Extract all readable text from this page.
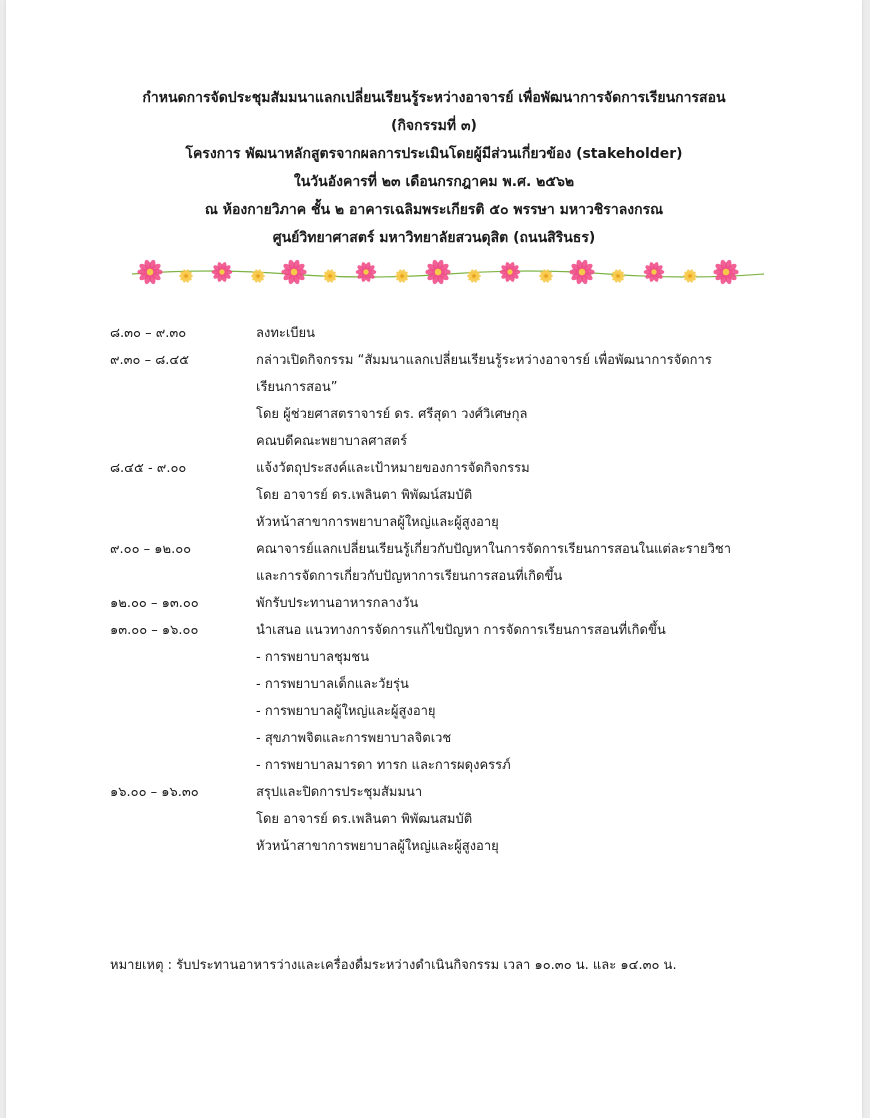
กำหนดการจัดประชุมสัมมนาแลกเปลี่ยนเรียนรู้ระหว่างอาจารย์ เพื่อพัฒนาการจัดการเรียนการสอน
(กิจกรรมที่ ๓)
โครงการ พัฒนาหลักสูตรจากผลการประเมินโดยผู้มีส่วนเกี่ยวข้อง (stakeholder)
ในวันอังคารที่ ๒๓ เดือนกรกฎาคม พ.ศ. ๒๕๖๒
ณ ห้องกายวิภาค ชั้น ๒ อาคารเฉลิมพระเกียรติ ๕๐ พรรษา มหาวชิราลงกรณ
ศูนย์วิทยาศาสตร์ มหาวิทยาลัยสวนดุสิต (ถนนสิรินธร)
๘.๓๐ – ๙.๓๐	ลงทะเบียน
๙.๓๐ – ๘.๔๕	กล่าวเปิดกิจกรรม “สัมมนาแลกเปลี่ยนเรียนรู้ระหว่างอาจารย์ เพื่อพัฒนาการจัดการ
เรียนการสอน”
โดย ผู้ช่วยศาสตราจารย์ ดร. ศรีสุดา วงศ์วิเศษกุล
คณบดีคณะพยาบาลศาสตร์
๘.๔๕ - ๙.๐๐	แจ้งวัตถุประสงค์และเป้าหมายของการจัดกิจกรรม
โดย อาจารย์ ดร.เพลินตา พิพัฒน์สมบัติ
หัวหน้าสาขาการพยาบาลผู้ใหญ่และผู้สูงอายุ
๙.๐๐ – ๑๒.๐๐	คณาจารย์แลกเปลี่ยนเรียนรู้เกี่ยวกับปัญหาในการจัดการเรียนการสอนในแต่ละรายวิชา
และการจัดการเกี่ยวกับปัญหาการเรียนการสอนที่เกิดขึ้น
๑๒.๐๐ – ๑๓.๐๐	พักรับประทานอาหารกลางวัน
๑๓.๐๐ – ๑๖.๐๐	นำเสนอ แนวทางการจัดการแก้ไขปัญหา การจัดการเรียนการสอนที่เกิดขึ้น
- การพยาบาลชุมชน
- การพยาบาลเด็กและวัยรุ่น
- การพยาบาลผู้ใหญ่และผู้สูงอายุ
- สุขภาพจิตและการพยาบาลจิตเวช
- การพยาบาลมารดา ทารก และการผดุงครรภ์
๑๖.๐๐ – ๑๖.๓๐	สรุปและปิดการประชุมสัมมนา
โดย อาจารย์ ดร.เพลินตา พิพัฒนสมบัติ
หัวหน้าสาขาการพยาบาลผู้ใหญ่และผู้สูงอายุ
หมายเหตุ : รับประทานอาหารว่างและเครื่องดื่มระหว่างดำเนินกิจกรรม เวลา ๑๐.๓๐ น. และ ๑๔.๓๐ น.
